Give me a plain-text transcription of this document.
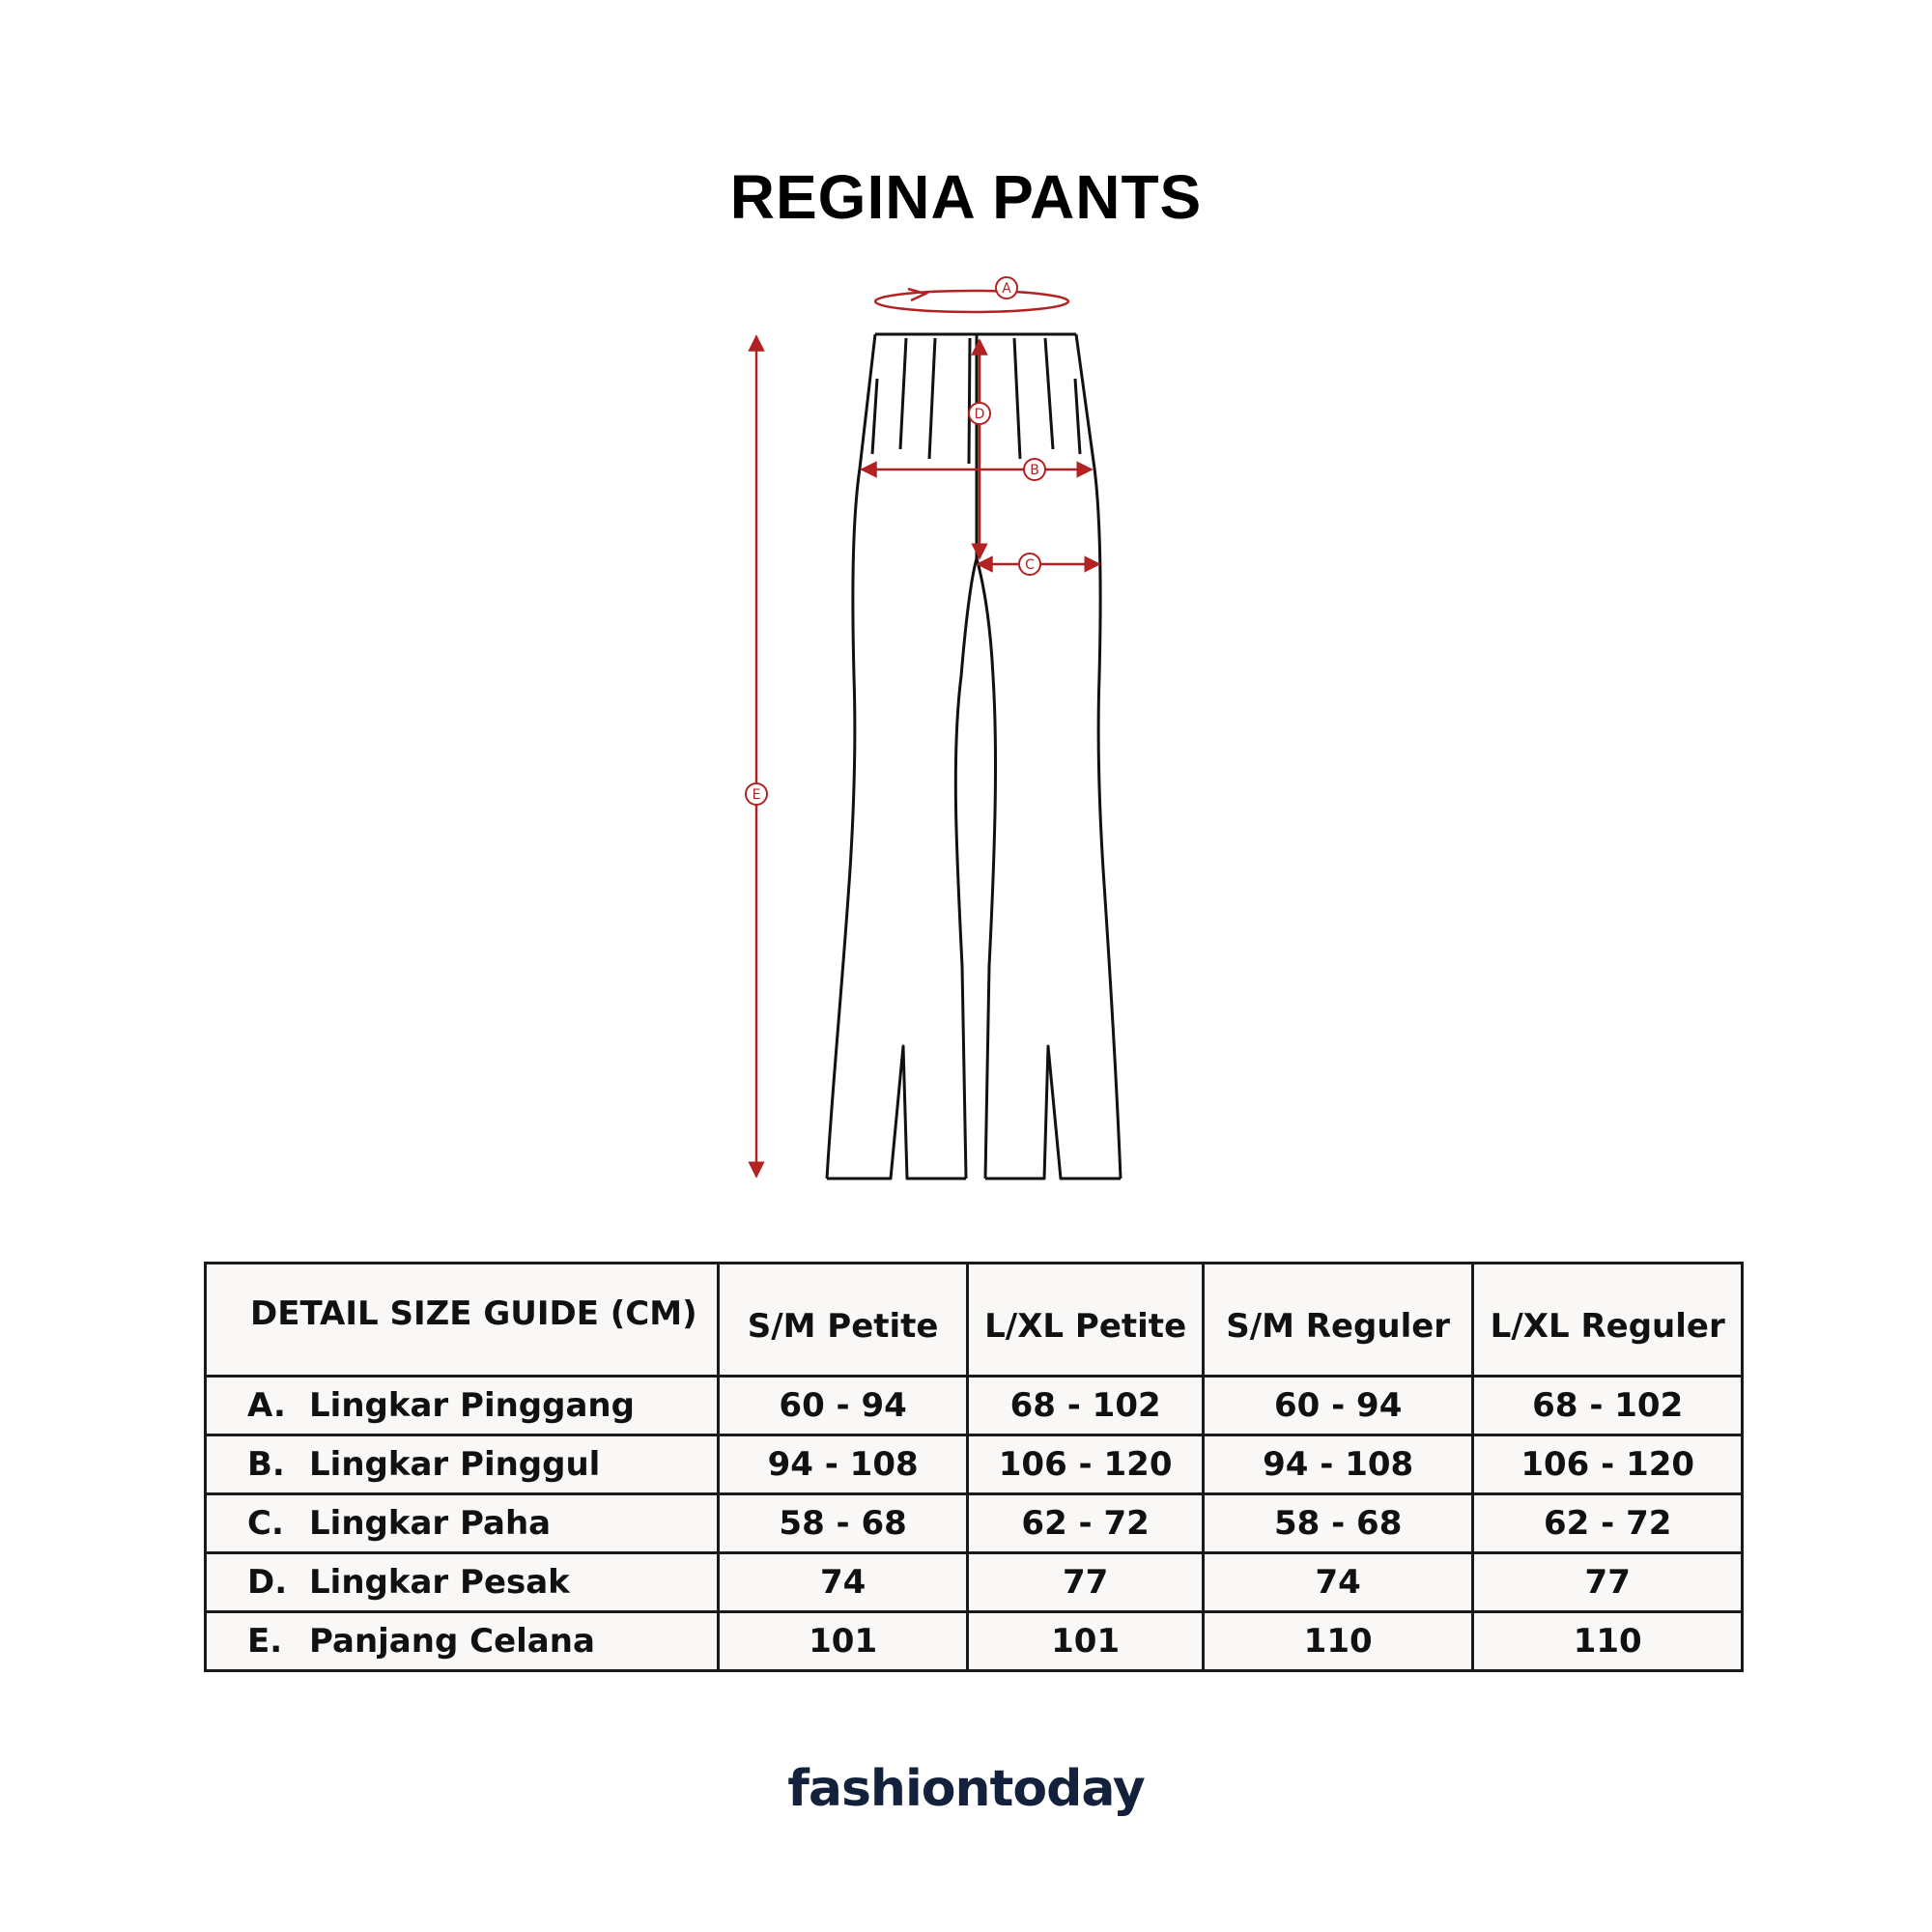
REGINA PANTS
A
B
C
D
E
DETAIL SIZE GUIDE (CM)	S/M Petite	L/XL Petite	S/M Reguler	L/XL Reguler
A. Lingkar Pinggang	60 - 94	68 - 102	60 - 94	68 - 102
B. Lingkar Pinggul	94 - 108	106 - 120	94 - 108	106 - 120
C. Lingkar Paha	58 - 68	62 - 72	58 - 68	62 - 72
D. Lingkar Pesak	74	77	74	77
E. Panjang Celana	101	101	110	110
fashiontoday
